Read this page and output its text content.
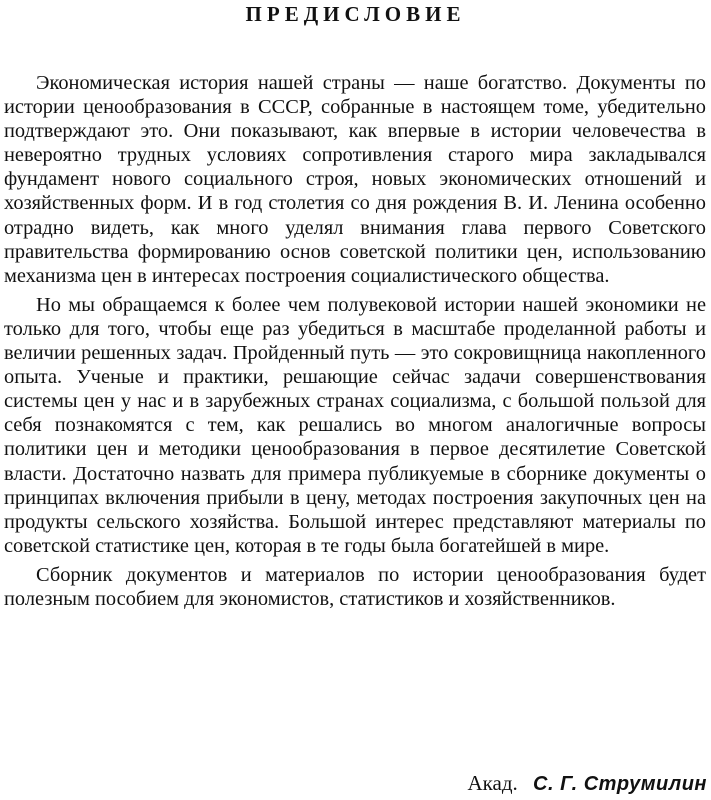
ПРЕДИСЛОВИЕ

Экономическая история нашей страны — наше богатство. Документы по истории ценообразования в СССР, собранные в настоящем томе, убедительно подтверждают это. Они показывают, как впервые в истории человечества в невероятно трудных условиях сопротивления старого мира закладывался фундамент нового социального строя, новых экономических отношений и хозяйственных форм. И в год столетия со дня рождения В. И. Ленина особенно отрадно видеть, как много уделял внимания глава первого Советского правительства формированию основ советской политики цен, использованию механизма цен в интересах построения социалистического общества.

Но мы обращаемся к более чем полувековой истории нашей экономики не только для того, чтобы еще раз убедиться в масштабе проделанной работы и величии решенных задач. Пройденный путь — это сокровищница накопленного опыта. Ученые и практики, решающие сейчас задачи совершенствования системы цен у нас и в зарубежных странах социализма, с большой пользой для себя познакомятся с тем, как решались во многом аналогичные вопросы политики цен и методики ценообразования в первое десятилетие Советской власти. Достаточно назвать для примера публикуемые в сборнике документы о принципах включения прибыли в цену, методах построения закупочных цен на продукты сельского хозяйства. Большой интерес представляют материалы по советской статистике цен, которая в те годы была богатейшей в мире.

Сборник документов и материалов по истории ценообразования будет полезным пособием для экономистов, статистиков и хозяйственников.

Акад. С. Г. Струмилин
